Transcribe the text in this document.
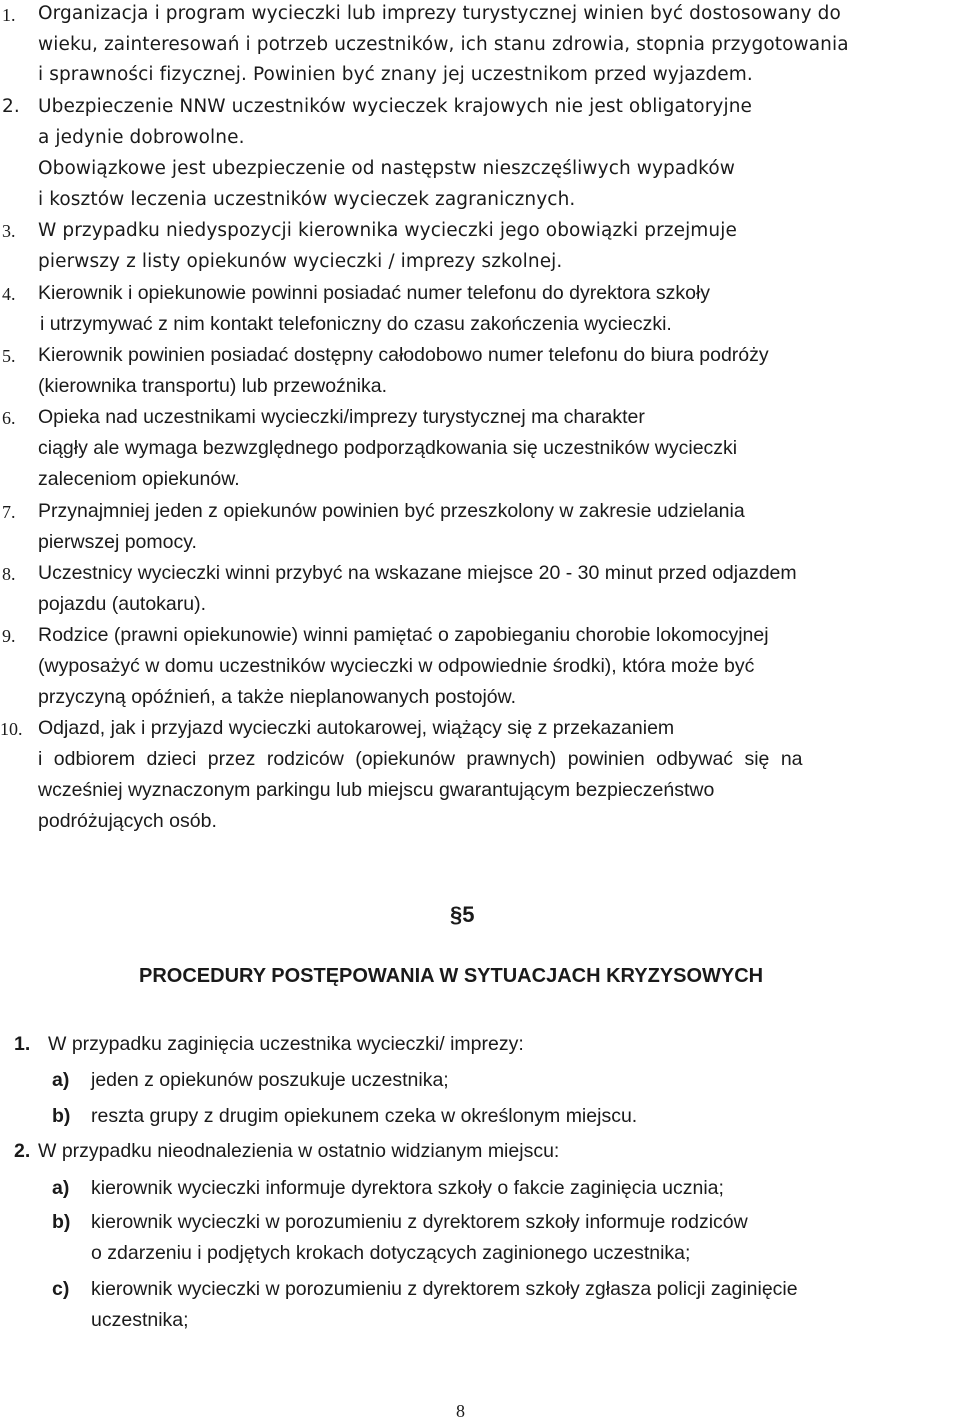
1. Organizacja i program wycieczki lub imprezy turystycznej winien być dostosowany do
wieku, zainteresowań i potrzeb uczestników, ich stanu zdrowia, stopnia przygotowania
i sprawności fizycznej. Powinien być znany jej uczestnikom przed wyjazdem.
2. Ubezpieczenie NNW uczestników wycieczek krajowych nie jest obligatoryjne
a jedynie dobrowolne.
Obowiązkowe jest ubezpieczenie od następstw nieszczęśliwych wypadków
i kosztów leczenia uczestników wycieczek zagranicznych.
3. W przypadku niedyspozycji kierownika wycieczki jego obowiązki przejmuje
pierwszy z listy opiekunów wycieczki / imprezy szkolnej.
4. Kierownik i opiekunowie powinni posiadać numer telefonu do dyrektora szkoły
i utrzymywać z nim kontakt telefoniczny do czasu zakończenia wycieczki.
5. Kierownik powinien posiadać dostępny całodobowo numer telefonu do biura podróży
(kierownika transportu) lub przewoźnika.
6. Opieka nad uczestnikami wycieczki/imprezy turystycznej ma charakter
ciągły ale wymaga bezwzględnego podporządkowania się uczestników wycieczki
zaleceniom opiekunów.
7. Przynajmniej jeden z opiekunów powinien być przeszkolony w zakresie udzielania
pierwszej pomocy.
8. Uczestnicy wycieczki winni przybyć na wskazane miejsce 20 - 30 minut przed odjazdem
pojazdu (autokaru).
9. Rodzice (prawni opiekunowie) winni pamiętać o zapobieganiu chorobie lokomocyjnej
(wyposażyć w domu uczestników wycieczki w odpowiednie środki), która może być
przyczyną opóźnień, a także nieplanowanych postojów.
10. Odjazd, jak i przyjazd wycieczki autokarowej, wiążący się z przekazaniem
i odbiorem dzieci przez rodziców (opiekunów prawnych) powinien odbywać się na
wcześniej wyznaczonym parkingu lub miejscu gwarantującym bezpieczeństwo
podróżujących osób.
§5
PROCEDURY POSTĘPOWANIA W SYTUACJACH KRYZYSOWYCH
1. W przypadku zaginięcia uczestnika wycieczki/ imprezy:
a) jeden z opiekunów poszukuje uczestnika;
b) reszta grupy z drugim opiekunem czeka w określonym miejscu.
2. W przypadku nieodnalezienia w ostatnio widzianym miejscu:
a) kierownik wycieczki informuje dyrektora szkoły o fakcie zaginięcia ucznia;
b) kierownik wycieczki w porozumieniu z dyrektorem szkoły informuje rodziców
o zdarzeniu i podjętych krokach dotyczących zaginionego uczestnika;
c) kierownik wycieczki w porozumieniu z dyrektorem szkoły zgłasza policji zaginięcie
uczestnika;
8
